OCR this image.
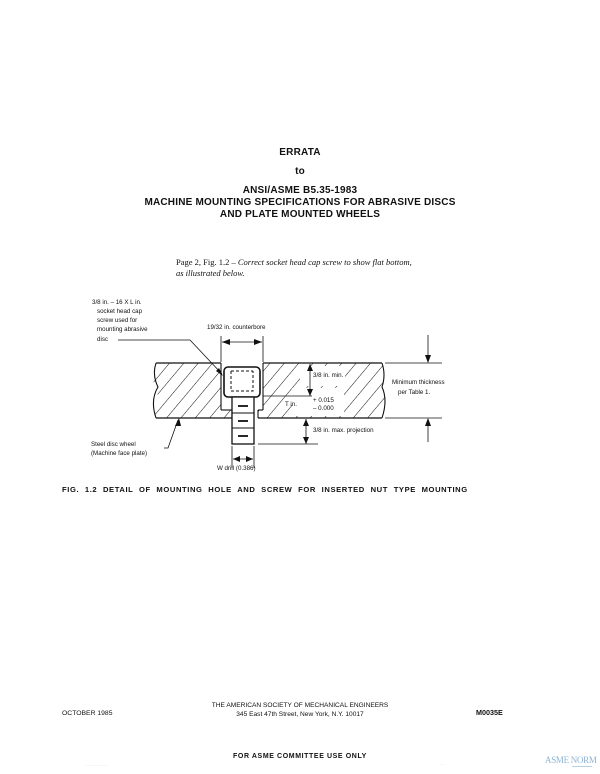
ERRATA
to
ANSI/ASME B5.35-1983
MACHINE MOUNTING SPECIFICATIONS FOR ABRASIVE DISCS
AND PLATE MOUNTED WHEELS
Page 2, Fig. 1.2 – Correct socket head cap screw to show flat bottom, as illustrated below.
3/8 in. – 16 X L in.
socket head cap
screw used for
mounting abrasive
disc
19/32 in. counterbore
3/8 in. min.
Minimum thickness
per Table 1.
T in.
+ 0.015
– 0.000
3/8 in. max. projection
Steel disc wheel
(Machine face plate)
W drill (0.386)
FIG. 1.2 DETAIL OF MOUNTING HOLE AND SCREW FOR INSERTED NUT TYPE MOUNTING
OCTOBER 1985
THE AMERICAN SOCIETY OF MECHANICAL ENGINEERS
345 East 47th Street, New York, N.Y. 10017	M0035E
FOR ASME COMMITTEE USE ONLY
·················	···	ASME NORM
